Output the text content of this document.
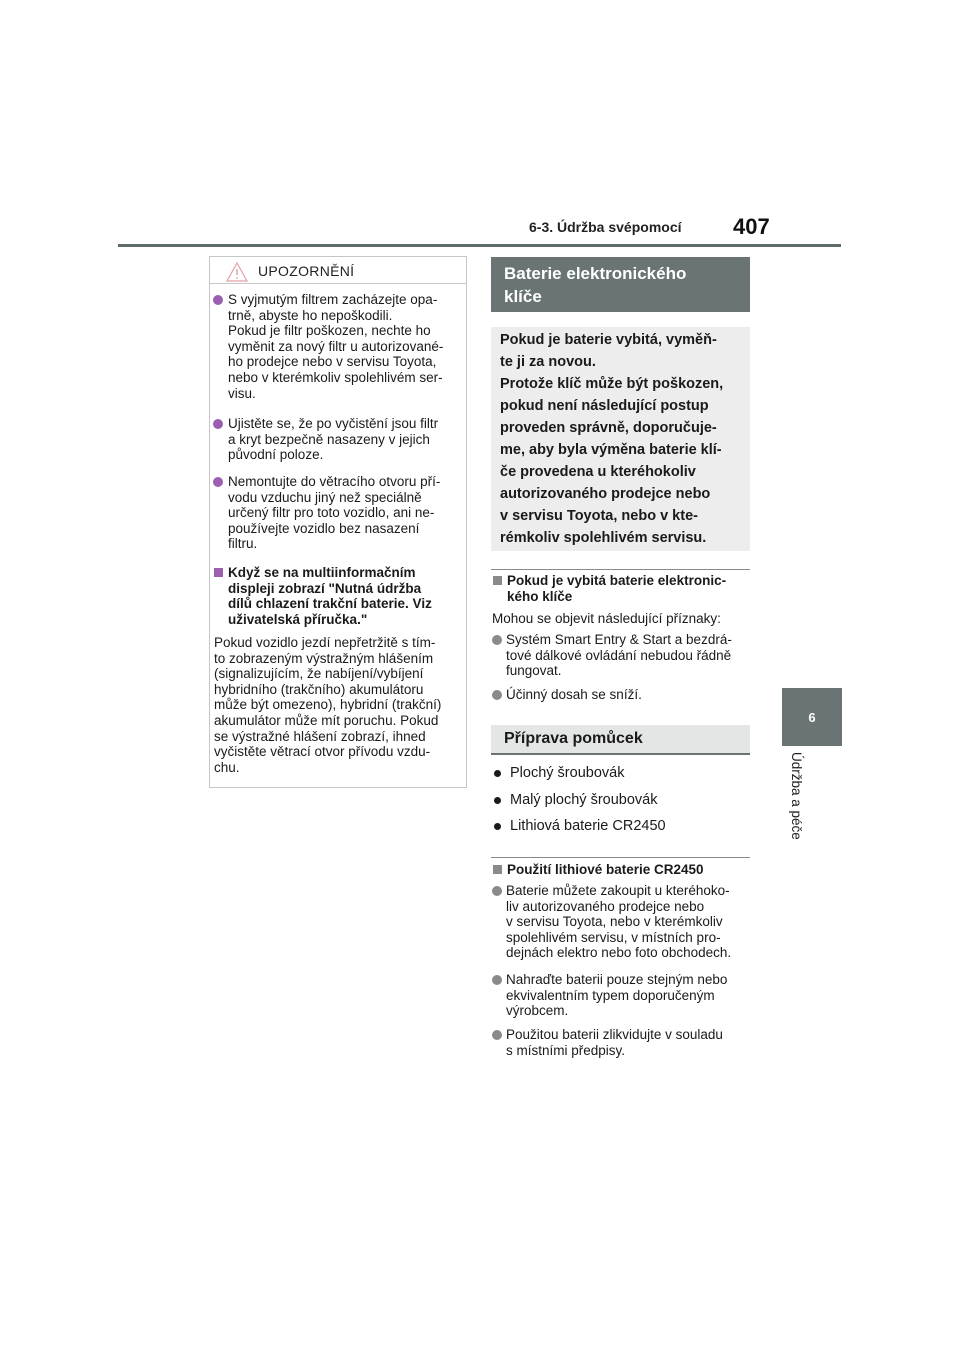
6-3. Údržba svépomocí 407
6
Údržba a péče
UPOZORNĚNÍ
S vyjmutým filtrem zacházejte opa-
trně, abyste ho nepoškodili.
Pokud je filtr poškozen, nechte ho
vyměnit za nový filtr u autorizované-
ho prodejce nebo v servisu Toyota,
nebo v kterémkoliv spolehlivém ser-
visu.
Ujistěte se, že po vyčistění jsou filtr
a kryt bezpečně nasazeny v jejich
původní poloze.
Nemontujte do větracího otvoru pří-
vodu vzduchu jiný než speciálně
určený filtr pro toto vozidlo, ani ne-
používejte vozidlo bez nasazení
filtru.
Když se na multiinformačním
displeji zobrazí "Nutná údržba
dílů chlazení trakční baterie. Viz
uživatelská příručka."
Pokud vozidlo jezdí nepřetržitě s tím-
to zobrazeným výstražným hlášením
(signalizujícím, že nabíjení/vybíjení
hybridního (trakčního) akumulátoru
může být omezeno), hybridní (trakční)
akumulátor může mít poruchu. Pokud
se výstražné hlášení zobrazí, ihned
vyčistěte větrací otvor přívodu vzdu-
chu.
Baterie elektronického
klíče
Pokud je baterie vybitá, vyměň-
te ji za novou.
Protože klíč může být poškozen,
pokud není následující postup
proveden správně, doporučuje-
me, aby byla výměna baterie klí-
če provedena u kteréhokoliv
autorizovaného prodejce nebo
v servisu Toyota, nebo v kte-
rémkoliv spolehlivém servisu.
Pokud je vybitá baterie elektronic-
kého klíče
Mohou se objevit následující příznaky:
Systém Smart Entry & Start a bezdrá-
tové dálkové ovládání nebudou řádně
fungovat.
Účinný dosah se sníží.
Příprava pomůcek
Plochý šroubovák
Malý plochý šroubovák
Lithiová baterie CR2450
Použití lithiové baterie CR2450
Baterie můžete zakoupit u kteréhoko-
liv autorizovaného prodejce nebo
v servisu Toyota, nebo v kterémkoliv
spolehlivém servisu, v místních pro-
dejnách elektro nebo foto obchodech.
Nahraďte baterii pouze stejným nebo
ekvivalentním typem doporučeným
výrobcem.
Použitou baterii zlikvidujte v souladu
s místními předpisy.
